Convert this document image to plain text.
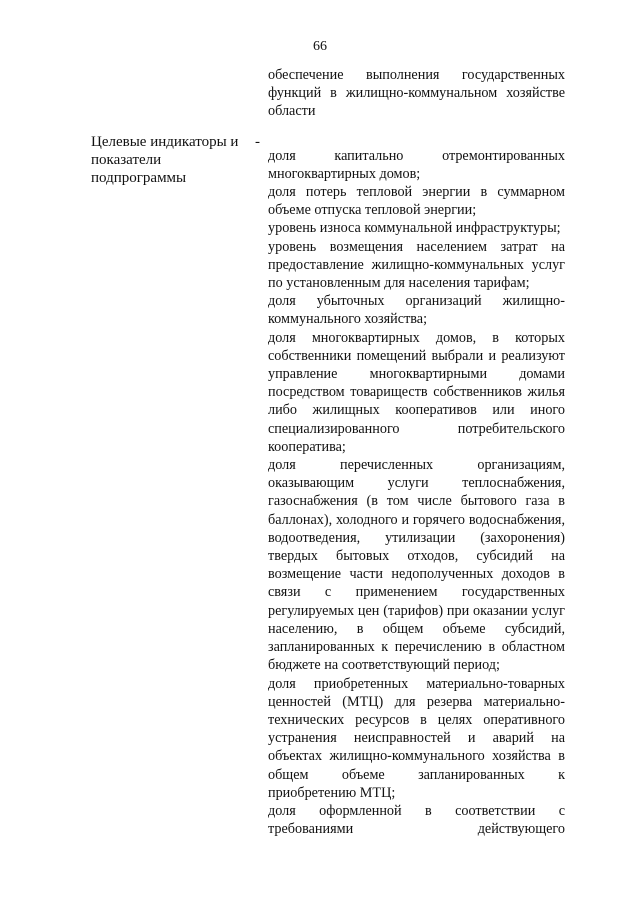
66
Целевые индикаторы и показатели подпрограммы
-
обеспечение выполнения государственных функций в жилищно-коммунальном хозяйстве области
доля капитально отремонтированных многоквартирных домов;
доля потерь тепловой энергии в суммарном объеме отпуска тепловой энергии;
уровень износа коммунальной инфраструктуры;
уровень возмещения населением затрат на предоставление жилищно-коммунальных услуг по установленным для населения тарифам;
доля убыточных организаций жилищно-коммунального хозяйства;
доля многоквартирных домов, в которых собственники помещений выбрали и реализуют управление многоквартирными домами посредством товариществ собственников жилья либо жилищных кооперативов или иного специализированного потребительского кооператива;
доля перечисленных организациям, оказывающим услуги теплоснабжения, газоснабжения (в том числе бытового газа в баллонах), холодного и горячего водоснабжения, водоотведения, утилизации (захоронения) твердых бытовых отходов, субсидий на возмещение части недополученных доходов в связи с применением государственных регулируемых цен (тарифов) при оказании услуг населению, в общем объеме субсидий, запланированных к перечислению в областном бюджете на соответствующий период;
доля приобретенных материально-товарных ценностей (МТЦ) для резерва материально-технических ресурсов в целях оперативного устранения неисправностей и аварий на объектах жилищно-коммунального хозяйства в общем объеме запланированных к приобретению МТЦ;
доля оформленной в соответствии с требованиями действующего
